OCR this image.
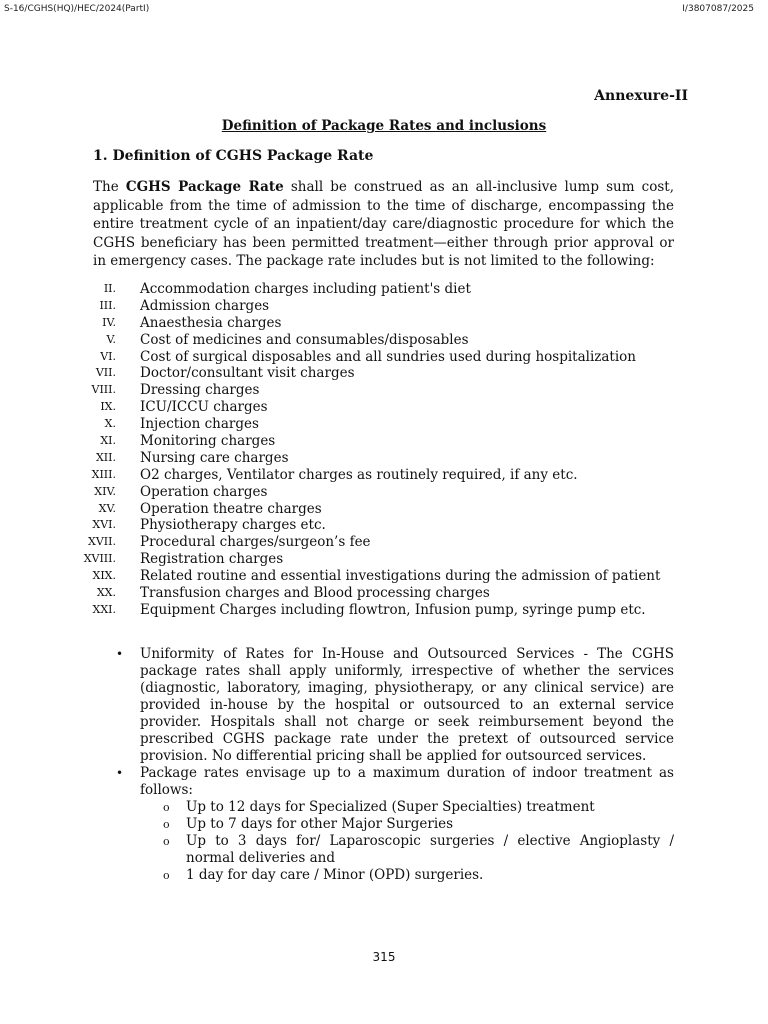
S-16/CGHS(HQ)/HEC/2024(PartI)	I/3807087/2025
Annexure-II
Definition of Package Rates and inclusions
1. Definition of CGHS Package Rate

The CGHS Package Rate shall be construed as an all-inclusive lump sum cost, applicable from the time of admission to the time of discharge, encompassing the entire treatment cycle of an inpatient/day care/diagnostic procedure for which the CGHS beneficiary has been permitted treatment—either through prior approval or in emergency cases. The package rate includes but is not limited to the following:

II. Accommodation charges including patient's diet
III. Admission charges
IV. Anaesthesia charges
V. Cost of medicines and consumables/disposables
VI. Cost of surgical disposables and all sundries used during hospitalization
VII. Doctor/consultant visit charges
VIII. Dressing charges
IX. ICU/ICCU charges
X. Injection charges
XI. Monitoring charges
XII. Nursing care charges
XIII. O2 charges, Ventilator charges as routinely required, if any etc.
XIV. Operation charges
XV. Operation theatre charges
XVI. Physiotherapy charges etc.
XVII. Procedural charges/surgeon’s fee
XVIII. Registration charges
XIX. Related routine and essential investigations during the admission of patient
XX. Transfusion charges and Blood processing charges
XXI. Equipment Charges including flowtron, Infusion pump, syringe pump etc.
• Uniformity of Rates for In-House and Outsourced Services - The CGHS package rates shall apply uniformly, irrespective of whether the services (diagnostic, laboratory, imaging, physiotherapy, or any clinical service) are provided in-house by the hospital or outsourced to an external service provider. Hospitals shall not charge or seek reimbursement beyond the prescribed CGHS package rate under the pretext of outsourced service provision. No differential pricing shall be applied for outsourced services.
• Package rates envisage up to a maximum duration of indoor treatment as follows:
o Up to 12 days for Specialized (Super Specialties) treatment
o Up to 7 days for other Major Surgeries
o Up to 3 days for/ Laparoscopic surgeries / elective Angioplasty / normal deliveries and
o 1 day for day care / Minor (OPD) surgeries.
315
